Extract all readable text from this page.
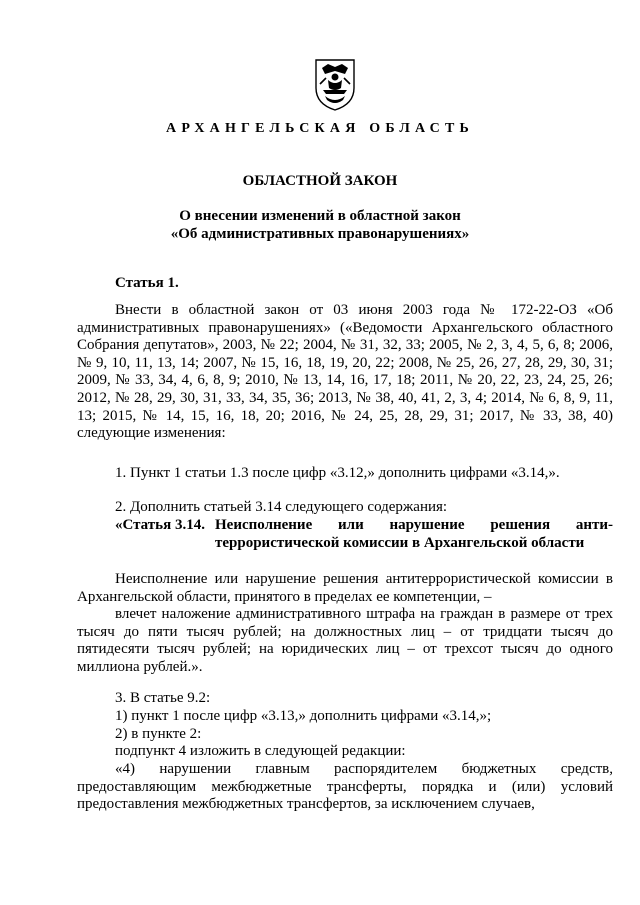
АРХАНГЕЛЬСКАЯ ОБЛАСТЬ
ОБЛАСТНОЙ ЗАКОН
О внесении изменений в областной закон
«Об административных правонарушениях»
Статья 1.

Внести в областной закон от 03 июня 2003 года № 172-22-ОЗ «Об административных правонарушениях» («Ведомости Архангельского областного Собрания депутатов», 2003, № 22; 2004, № 31, 32, 33; 2005, № 2, 3, 4, 5, 6, 8; 2006, № 9, 10, 11, 13, 14; 2007, № 15, 16, 18, 19, 20, 22; 2008, № 25, 26, 27, 28, 29, 30, 31; 2009, № 33, 34, 4, 6, 8, 9; 2010, № 13, 14, 16, 17, 18; 2011, № 20, 22, 23, 24, 25, 26; 2012, № 28, 29, 30, 31, 33, 34, 35, 36; 2013, № 38, 40, 41, 2, 3, 4; 2014, № 6, 8, 9, 11, 13; 2015, № 14, 15, 16, 18, 20; 2016, № 24, 25, 28, 29, 31; 2017, № 33, 38, 40) следующие изменения:

1. Пункт 1 статьи 1.3 после цифр «3.12,» дополнить цифрами «3.14,».
2. Дополнить статьей 3.14 следующего содержания:
«Статья 3.14. Неисполнение или нарушение решения анти-
террористической комиссии в Архангельской области

Неисполнение или нарушение решения антитеррористической комиссии в Архангельской области, принятого в пределах ее компетенции, –

влечет наложение административного штрафа на граждан в размере от трех тысяч до пяти тысяч рублей; на должностных лиц – от тридцати тысяч до пятидесяти тысяч рублей; на юридических лиц – от трехсот тысяч до одного миллиона рублей.».

3. В статье 9.2:
1) пункт 1 после цифр «3.13,» дополнить цифрами «3.14,»;
2) в пункте 2:
подпункт 4 изложить в следующей редакции:

«4) нарушении главным распорядителем бюджетных средств, предоставляющим межбюджетные трансферты, порядка и (или) условий предоставления межбюджетных трансфертов, за исключением случаев,
